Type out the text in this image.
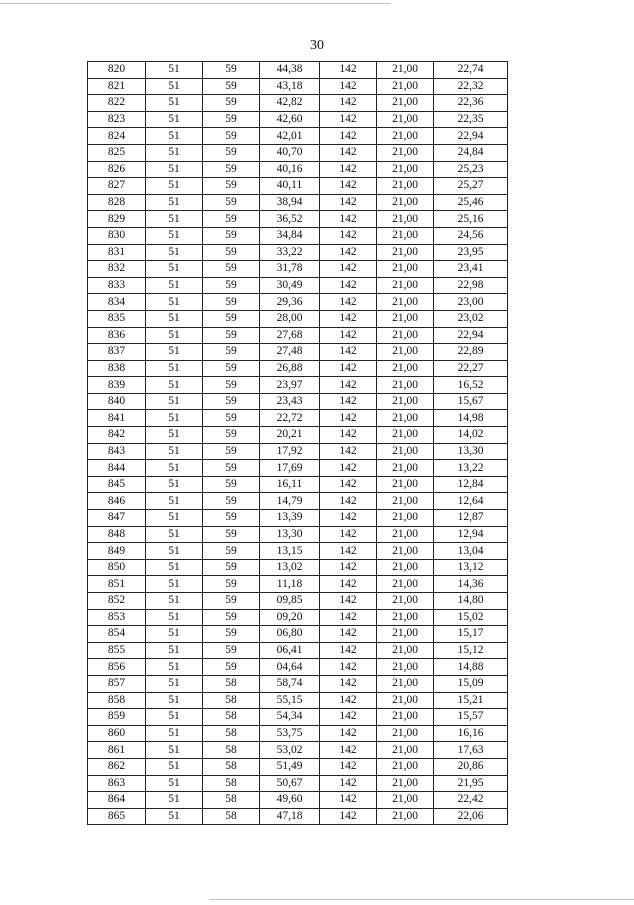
30
820	51	59	44,38	142	21,00	22,74
821	51	59	43,18	142	21,00	22,32
822	51	59	42,82	142	21,00	22,36
823	51	59	42,60	142	21,00	22,35
824	51	59	42,01	142	21,00	22,94
825	51	59	40,70	142	21,00	24,84
826	51	59	40,16	142	21,00	25,23
827	51	59	40,11	142	21,00	25,27
828	51	59	38,94	142	21,00	25,46
829	51	59	36,52	142	21,00	25,16
830	51	59	34,84	142	21,00	24,56
831	51	59	33,22	142	21,00	23,95
832	51	59	31,78	142	21,00	23,41
833	51	59	30,49	142	21,00	22,98
834	51	59	29,36	142	21,00	23,00
835	51	59	28,00	142	21,00	23,02
836	51	59	27,68	142	21,00	22,94
837	51	59	27,48	142	21,00	22,89
838	51	59	26,88	142	21,00	22,27
839	51	59	23,97	142	21,00	16,52
840	51	59	23,43	142	21,00	15,67
841	51	59	22,72	142	21,00	14,98
842	51	59	20,21	142	21,00	14,02
843	51	59	17,92	142	21,00	13,30
844	51	59	17,69	142	21,00	13,22
845	51	59	16,11	142	21,00	12,84
846	51	59	14,79	142	21,00	12,64
847	51	59	13,39	142	21,00	12,87
848	51	59	13,30	142	21,00	12,94
849	51	59	13,15	142	21,00	13,04
850	51	59	13,02	142	21,00	13,12
851	51	59	11,18	142	21,00	14,36
852	51	59	09,85	142	21,00	14,80
853	51	59	09,20	142	21,00	15,02
854	51	59	06,80	142	21,00	15,17
855	51	59	06,41	142	21,00	15,12
856	51	59	04,64	142	21,00	14,88
857	51	58	58,74	142	21,00	15,09
858	51	58	55,15	142	21,00	15,21
859	51	58	54,34	142	21,00	15,57
860	51	58	53,75	142	21,00	16,16
861	51	58	53,02	142	21,00	17,63
862	51	58	51,49	142	21,00	20,86
863	51	58	50,67	142	21,00	21,95
864	51	58	49,60	142	21,00	22,42
865	51	58	47,18	142	21,00	22,06
